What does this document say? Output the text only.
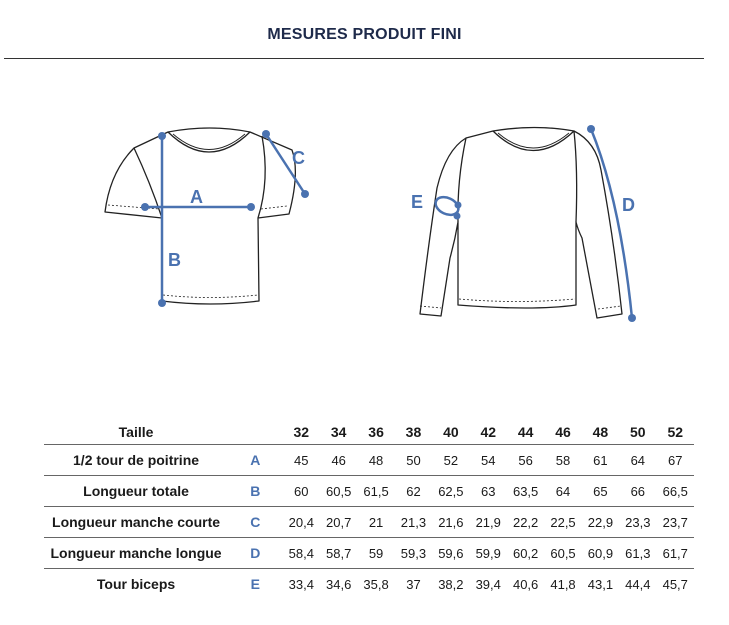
MESURES PRODUIT FINI
A
B
C
E	D
Taille		32	34	36	38	40	42	44	46	48	50	52
1/2 tour de poitrine	A	45	46	48	50	52	54	56	58	61	64	67
Longueur totale	B	60	60,5	61,5	62	62,5	63	63,5	64	65	66	66,5
Longueur manche courte	C	20,4	20,7	21	21,3	21,6	21,9	22,2	22,5	22,9	23,3	23,7
Longueur manche longue	D	58,4	58,7	59	59,3	59,6	59,9	60,2	60,5	60,9	61,3	61,7
Tour biceps	E	33,4	34,6	35,8	37	38,2	39,4	40,6	41,8	43,1	44,4	45,7
